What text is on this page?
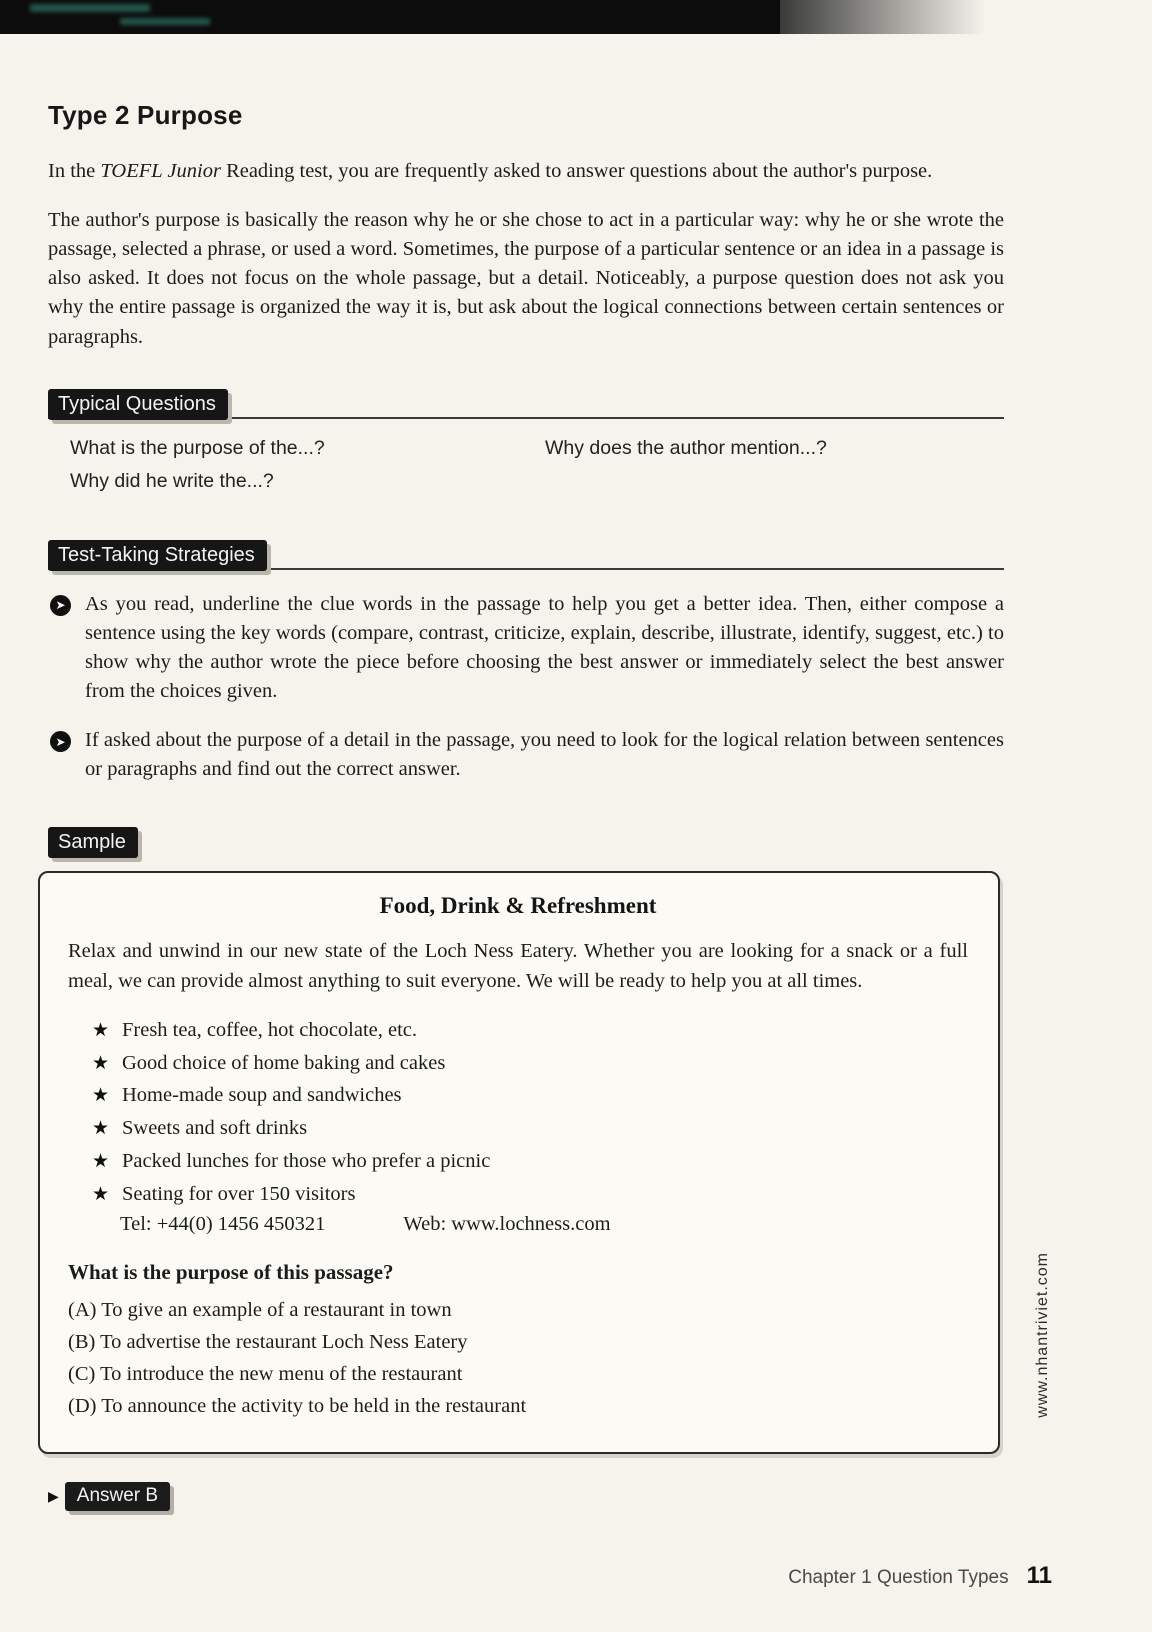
Type 2 Purpose

In the TOEFL Junior Reading test, you are frequently asked to answer questions about the author's purpose.

The author's purpose is basically the reason why he or she chose to act in a particular way: why he or she wrote the passage, selected a phrase, or used a word. Sometimes, the purpose of a particular sentence or an idea in a passage is also asked. It does not focus on the whole passage, but a detail. Noticeably, a purpose question does not ask you why the entire passage is organized the way it is, but ask about the logical connections between certain sentences or paragraphs.

Typical Questions
What is the purpose of the...?
Why did he write the...?
Why does the author mention...?
Test-Taking Strategies
➤ As you read, underline the clue words in the passage to help you get a better idea. Then, either compose a sentence using the key words (compare, contrast, criticize, explain, describe, illustrate, identify, suggest, etc.) to show why the author wrote the piece before choosing the best answer or immediately select the best answer from the choices given.
➤ If asked about the purpose of a detail in the passage, you need to look for the logical relation between sentences or paragraphs and find out the correct answer.
Sample
Food, Drink & Refreshment

Relax and unwind in our new state of the Loch Ness Eatery. Whether you are looking for a snack or a full meal, we can provide almost anything to suit everyone. We will be ready to help you at all times.

★ Fresh tea, coffee, hot chocolate, etc.
★ Good choice of home baking and cakes
★ Home-made soup and sandwiches
★ Sweets and soft drinks
★ Packed lunches for those who prefer a picnic
★ Seating for over 150 visitors
Tel: +44(0) 1456 450321	Web: www.lochness.com
What is the purpose of this passage?
(A) To give an example of a restaurant in town
(B) To advertise the restaurant Loch Ness Eatery
(C) To introduce the new menu of the restaurant
(D) To announce the activity to be held in the restaurant
▶ Answer B
www.nhantriviet.com
Chapter 1 Question Types 11
